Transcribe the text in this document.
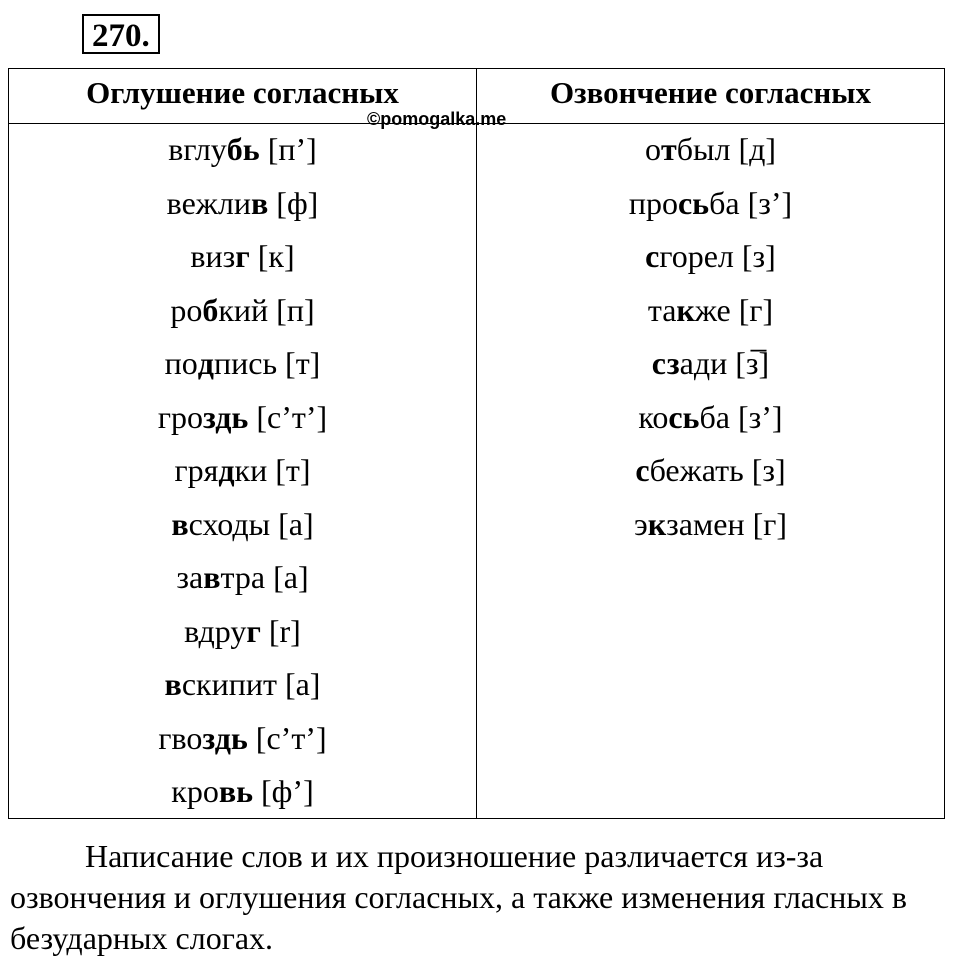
270.
Оглушение согласных	Озвончение согласных
©pomogalka.me
вглубь [п’]
вежлив [ф]
визг [к]
робкий [п]
подпись [т]
гроздь [с’т’]
грядки [т]
всходы [а]
завтра [а]
вдруг [r]
вскипит [а]
гвоздь [с’т’]
кровь [ф’]
отбыл [д]
просьба [з’]
сгорел [з]
также [г]
сзади [з̅]
косьба [з’]
сбежать [з]
экзамен [г]
Написание слов и их произношение различается из-за озвончения и оглушения согласных, а также изменения гласных в безударных слогах.
